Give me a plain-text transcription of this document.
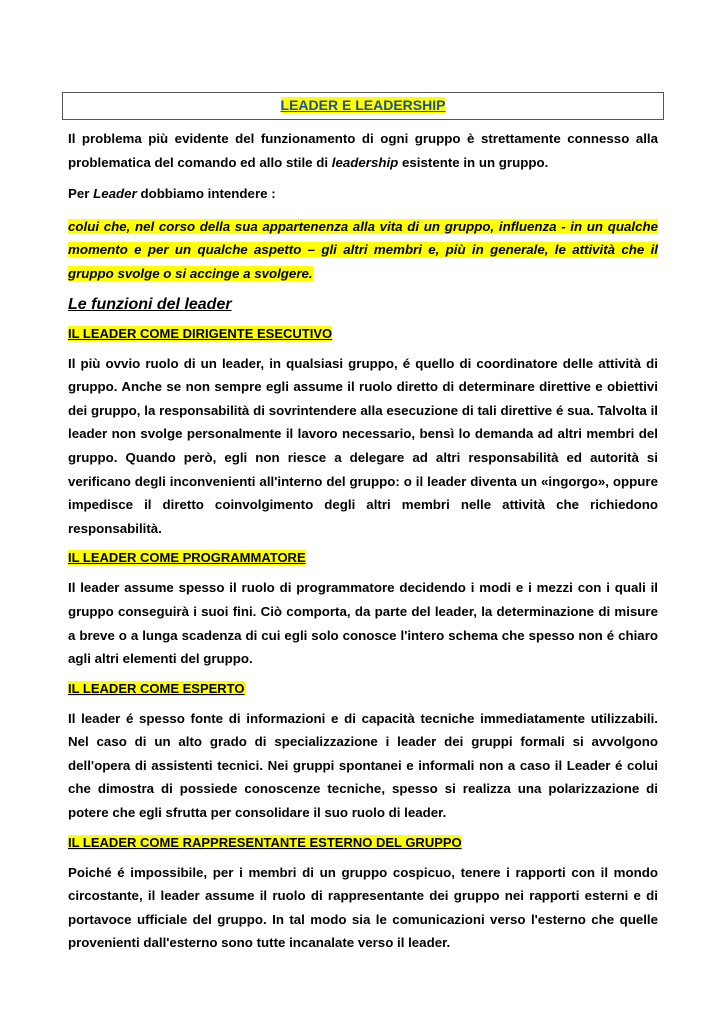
LEADER E LEADERSHIP

Il problema più evidente del funzionamento di ogni gruppo è strettamente connesso alla problematica del comando ed allo stile di leadership esistente in un gruppo.

Per Leader dobbiamo intendere :

colui che, nel corso della sua appartenenza alla vita di un gruppo, influenza - in un qualche momento e per un qualche aspetto – gli altri membri e, più in generale, le attività che il gruppo svolge o si accinge a svolgere.

Le funzioni del leader

IL LEADER COME DIRIGENTE ESECUTIVO

Il più ovvio ruolo di un leader, in qualsiasi gruppo, é quello di coordinatore delle attività di gruppo. Anche se non sempre egli assume il ruolo diretto di determinare direttive e obiettivi dei gruppo, la responsabilità di sovrintendere alla esecuzione di tali direttive é sua. Talvolta il leader non svolge personalmente il lavoro necessario, bensì lo demanda ad altri membri del gruppo. Quando però, egli non riesce a delegare ad altri responsabilità ed autorità si verificano degli inconvenienti all'interno del gruppo: o il leader diventa un «ingorgo», oppure impedisce il diretto coinvolgimento degli altri membri nelle attività che richiedono responsabilità.

IL LEADER COME PROGRAMMATORE

Il leader assume spesso il ruolo di programmatore decidendo i modi e i mezzi con i quali il gruppo conseguirà i suoi fini. Ciò comporta, da parte del leader, la determinazione di misure a breve o a lunga scadenza di cui egli solo conosce l'intero schema che spesso non é chiaro agli altri elementi del gruppo.

IL LEADER COME ESPERTO

Il leader é spesso fonte di informazioni e di capacità tecniche immediatamente utilizzabili. Nel caso di un alto grado di specializzazione i leader dei gruppi formali si avvolgono dell'opera di assistenti tecnici. Nei gruppi spontanei e informali non a caso il Leader é colui che dimostra di possiede conoscenze tecniche, spesso si realizza una polarizzazione di potere che egli sfrutta per consolidare il suo ruolo di leader.

IL LEADER COME RAPPRESENTANTE ESTERNO DEL GRUPPO

Poiché é impossibile, per i membri di un gruppo cospicuo, tenere i rapporti con il mondo circostante, il leader assume il ruolo di rappresentante dei gruppo nei rapporti esterni e di portavoce ufficiale del gruppo. In tal modo sia le comunicazioni verso l'esterno che quelle provenienti dall'esterno sono tutte incanalate verso il leader.
